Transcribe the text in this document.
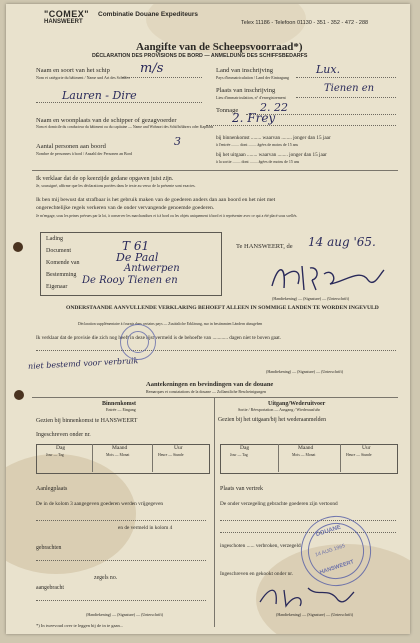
"COMEX"
HANSWEERT
Combinatie Douane Expediteurs
Telex 11186 - Telefoon 01130 - 351 - 352 - 472 - 288
Aangifte van de Scheepsvoorraad*)
DÉCLARATION DES PROVISIONS DE BORD — ANMELDUNG DES SCHIFFSBEDARFS
Naam en soort van het schip
Nom et catégorie du bâtiment / Name und Art des Schiffes
m/s
Lauren - Dire
Land van inschrijving
Pays d'immatriculation / Land der Eintragung
Lux.
Plaats van inschrijving
Lieu d'immatriculation, n° d'enregistrement
Tienen en
Tonnage 2. 22
Naam en woonplaats van de schipper of gezagvoerder
Nom et domicile du conducteur du bâtiment ou du capitaine — Name und Wohnort des Schiffsführers oder Kapitäns
2. Frey
Aantal personen aan boord
Nombre de personnes à bord / Anzahl der Personen an Bord
3	bij binnenkomst ........ waarvan ........ jonger dan 15 jaar
à l'entrée ........ dont ........ âgées de moins de 15 ans
bij het uitgaan ........ waarvan ........ jonger dan 15 jaar
à la sortie ........ dont ........ âgées de moins de 15 ans
Ik verklaar dat de op keerzijde gedane opgaven juist zijn.
Je, soussigné, affirme que les déclarations portées dans le texte au verso de la présente sont exactes.
Ik ben mij bewust dat strafbaar is het gebruik maken van de goederen anders dan aan boord en het niet met
ongerechtelijke regels verkeren van de onder vervangende genoemde goederen.
Je m'engage, sous les peines prévues par la loi, à conserver les marchandises et à à bord ou les objets uniquement à bord et à représenter avec ce qui a été placé sous scellés.
Lading
Document	T 61
Komende van	De Paal
Bestemming
Antwerpen
Eigenaar
De Rooy Tienen en
Te HANSWEERT, de 14 aug '65.
(Handtekening) — (Signature) — (Unterschrift)
ONDERSTAANDE AANVULLENDE VERKLARING BEHOEFT ALLEEN IN SOMMIGE LANDEN TE WORDEN INGEVULD
Déclaration supplémentaire à fournir dans certains pays — Zusätzliche Erklärung, nur in bestimmten Ländern abzugeben
Ik verklaar dat de provisie die zich nog heeft in deze lijst vermeld is de behoefte van ............ dagen niet te boven gaat.
niet bestemd voor verbruik
(Handtekening) — (Signature) — (Unterschrift)
Aantekeningen en bevindingen van de douane
Remarques et constatations de la douane — Zollamtliche Bescheinigungen
Binnenkomst
Entrée — Eingang
Uitgang/Wederuitvoer
Sortie / Réexportation — Ausgang / Wiederausfuhr
Gezien bij binnenkomst te HANSWEERT	Gezien bij het uitgaan/bij het wederaanmelden
Ingeschreven onder nr.
Dag	Maand	Uur
Jour — Tag	Mois — Monat	Heure — Stunde
Dag	Maand	Uur
Jour — Tag	Mois — Monat	Heure — Stunde
Aanlegplaats	Plaats van vertrek
De in de kolom 3 aangegeven goederen werden vrijgegeven	De onder verzegeling gebrachte goederen zijn vertoond
en de vermeld in kolom 4
gebrachten	ingeschoten ...... verbroken, verzegeld
Ingeschreven en gekookt onder nr.
zegels no.
aangebracht
(Handtekening) — (Signature) — (Unterschrift)	(Handtekening) — (Signature) — (Unterschrift)
*) In tweevoud over te leggen bij de in te gaan...
DOUANE
HANSWEERT
14 AUG 1965
